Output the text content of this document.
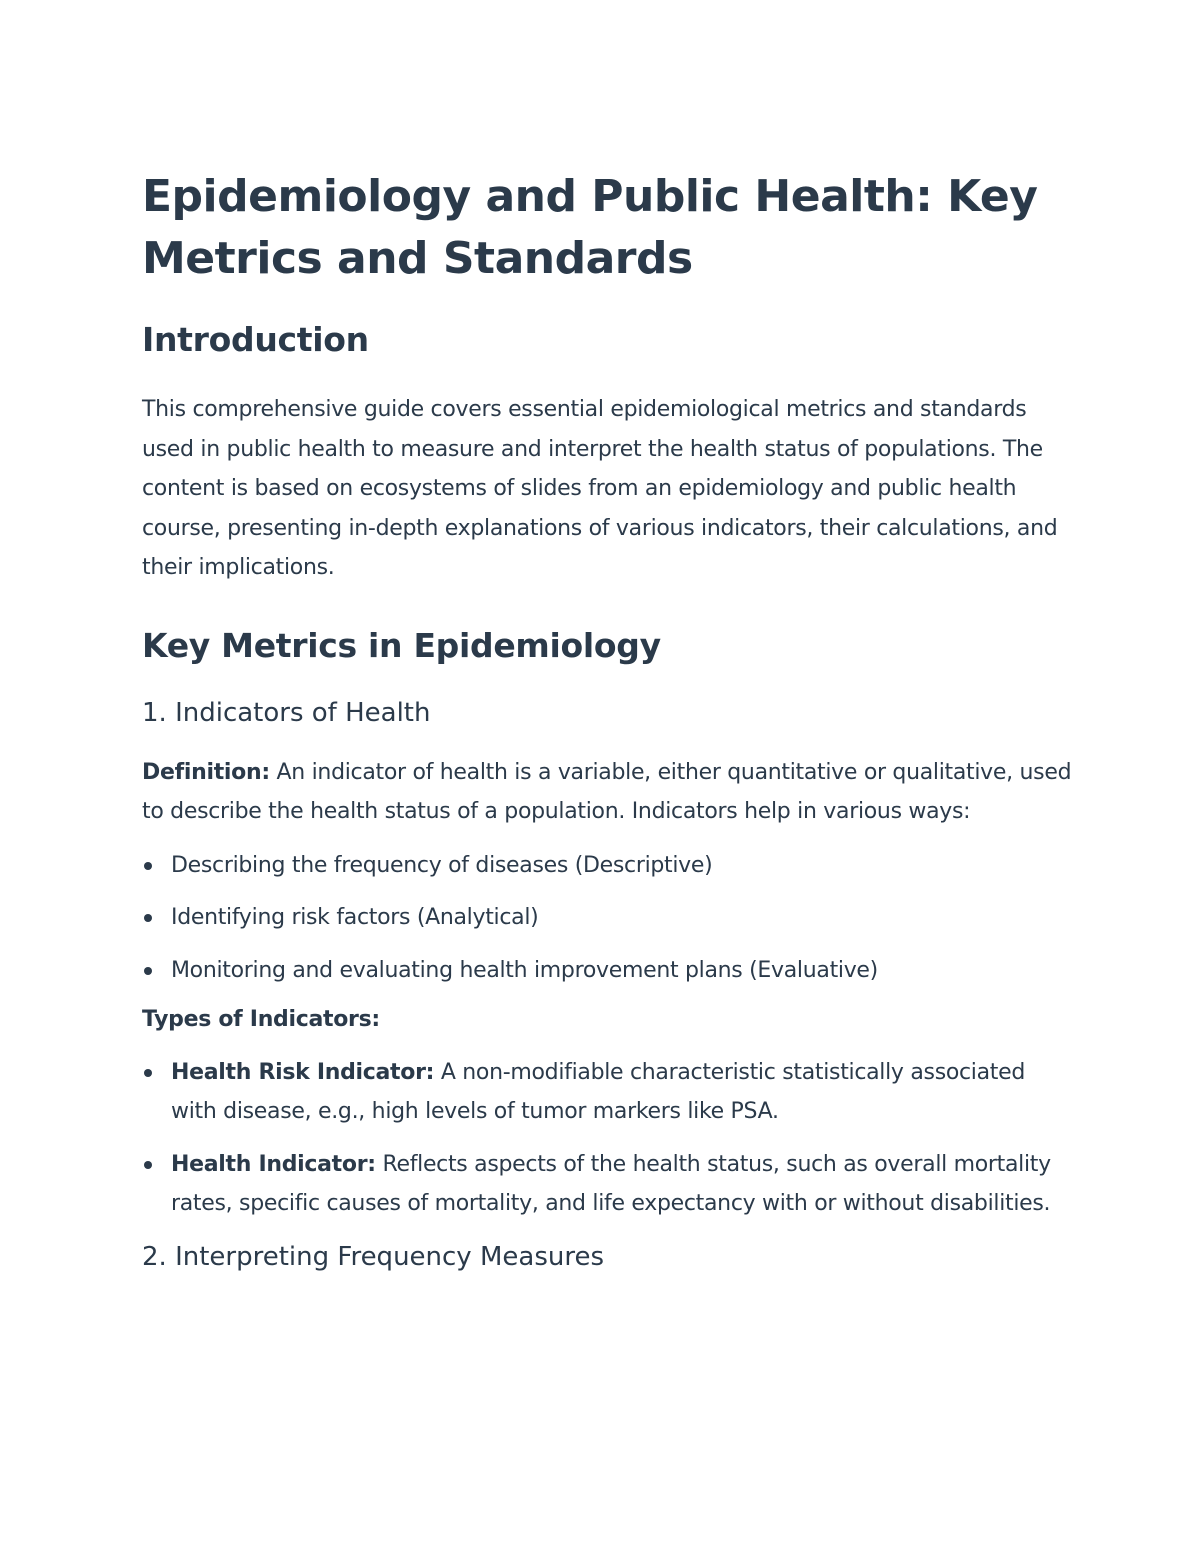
Epidemiology and Public Health: Key Metrics and Standards
Introduction

This comprehensive guide covers essential epidemiological metrics and standards used in public health to measure and interpret the health status of populations. The content is based on ecosystems of slides from an epidemiology and public health course, presenting in-depth explanations of various indicators, their calculations, and their implications.

Key Metrics in Epidemiology
1. Indicators of Health

Definition: An indicator of health is a variable, either quantitative or qualitative, used to describe the health status of a population. Indicators help in various ways:

Describing the frequency of diseases (Descriptive)
Identifying risk factors (Analytical)
Monitoring and evaluating health improvement plans (Evaluative)

Types of Indicators:

Health Risk Indicator: A non-modifiable characteristic statistically associated with disease, e.g., high levels of tumor markers like PSA.
Health Indicator: Reflects aspects of the health status, such as overall mortality rates, specific causes of mortality, and life expectancy with or without disabilities.
2. Interpreting Frequency Measures
